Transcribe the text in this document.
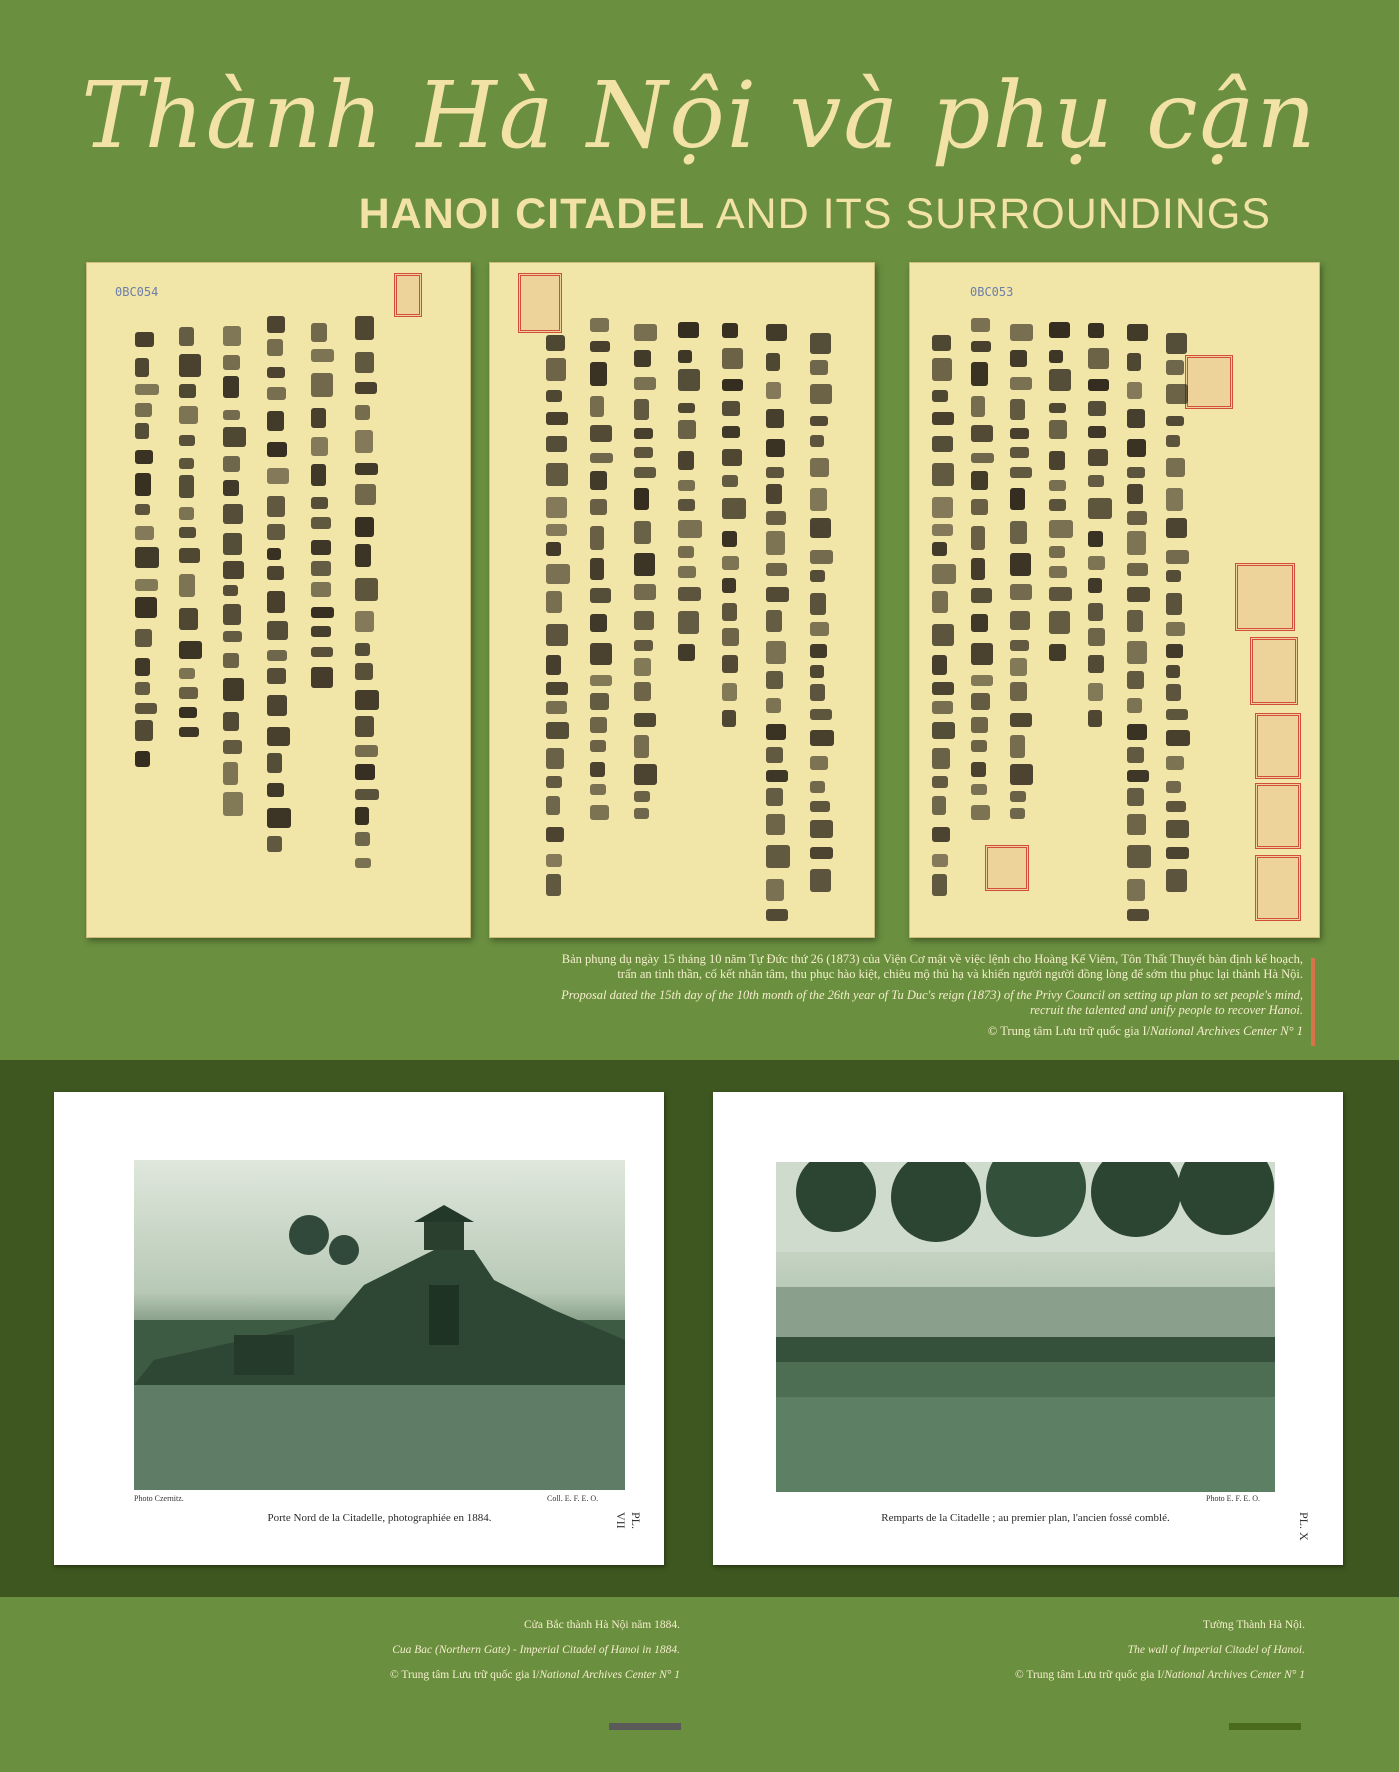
Thành Hà Nội và phụ cận
HANOI CITADEL AND ITS SURROUNDINGS
0BC054	0BC053

Bản phụng dụ ngày 15 tháng 10 năm Tự Đức thứ 26 (1873) của Viện Cơ mật về việc lệnh cho Hoàng Kế Viêm, Tôn Thất Thuyết bàn định kế hoạch, trấn an tinh thần, cố kết nhân tâm, thu phục hào kiệt, chiêu mộ thủ hạ và khiến người người đồng lòng để sớm thu phục lại thành Hà Nội.

Proposal dated the 15th day of the 10th month of the 26th year of Tu Duc's reign (1873) of the Privy Council on setting up plan to set people's mind, recruit the talented and unify people to recover Hanoi.

© Trung tâm Lưu trữ quốc gia I/National Archives Center N° 1

Photo Czernitz.	Coll. E. F. E. O.
Porte Nord de la Citadelle, photographiée en 1884.	PL. VII
Photo E. F. E. O.
Remparts de la Citadelle ; au premier plan, l'ancien fossé comblé.	PL. X

Cửa Bắc thành Hà Nội năm 1884.

Cua Bac (Northern Gate) - Imperial Citadel of Hanoi in 1884.

© Trung tâm Lưu trữ quốc gia I/National Archives Center N° 1

Tường Thành Hà Nội.

The wall of Imperial Citadel of Hanoi.

© Trung tâm Lưu trữ quốc gia I/National Archives Center N° 1
